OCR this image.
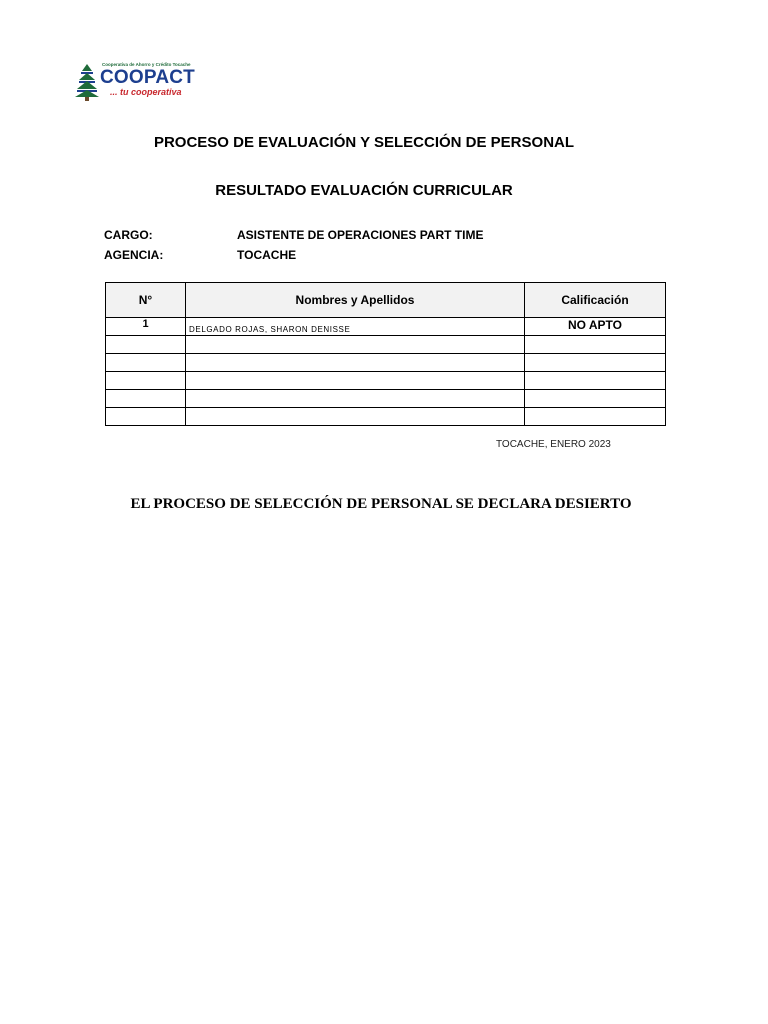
Cooperativa de Ahorro y Crédito Tocache
COOPACT
... tu cooperativa
PROCESO DE EVALUACIÓN Y SELECCIÓN DE PERSONAL
RESULTADO EVALUACIÓN CURRICULAR
CARGO:	ASISTENTE DE OPERACIONES PART TIME
AGENCIA:	TOCACHE
N°	Nombres y Apellidos	Calificación
1	DELGADO ROJAS, SHARON DENISSE	NO APTO

TOCACHE, ENERO 2023
EL PROCESO DE SELECCIÓN DE PERSONAL SE DECLARA DESIERTO
